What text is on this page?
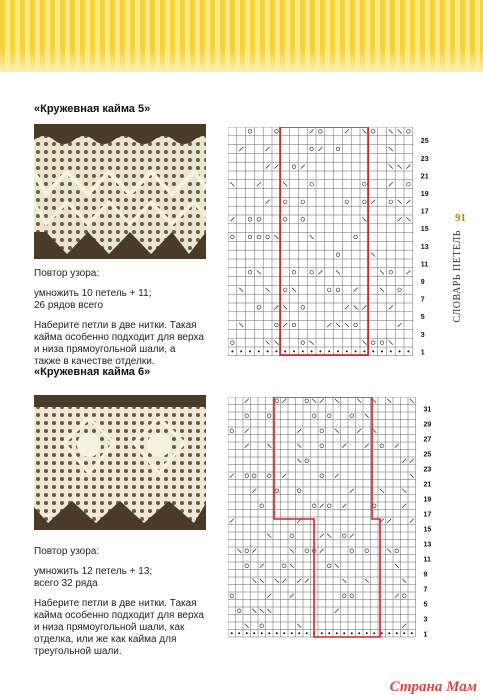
«Кружевная кайма 5»
1
3
5
7
9
11
13
15
17
19
21
23
25

Повтор узора:

умножить 10 петель + 11;
26 рядов всего

Наберите петли в две нитки. Такая кайма особенно подходит для верха и низа прямоугольной шали, а также в качестве отделки.

«Кружевная кайма 6»
1
3
5
7
9
11
13
15
17
19
21
23
25
27
29
31

Повтор узора:

умножить 12 петель + 13;
всего 32 ряда

Наберите петли в две нитки. Такая кайма особенно подходит для верха и низа прямоугольной шали, как отделка, или же как кайма для треугольной шали.

91
СЛОВАРЬ ПЕТЕЛЬ
Страна Мам
